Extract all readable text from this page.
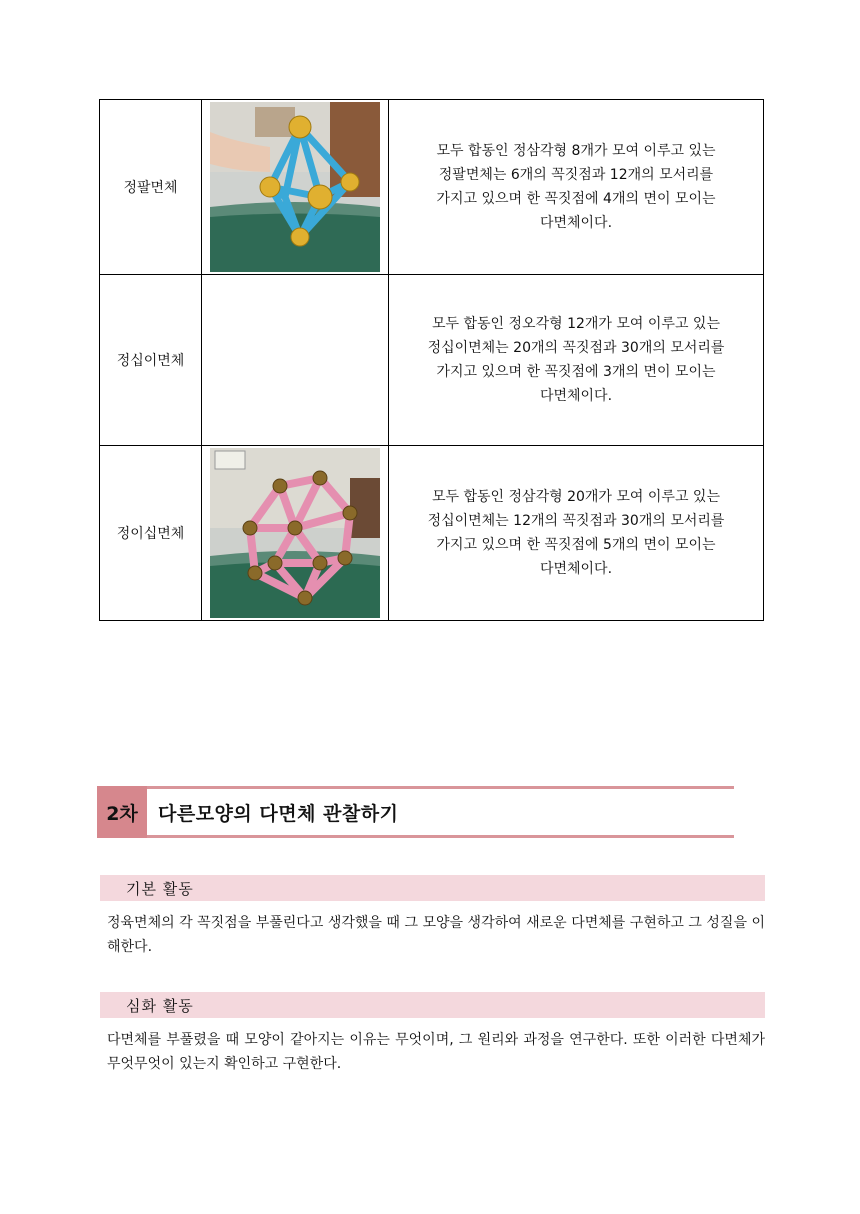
정팔면체		모두 합동인 정삼각형 8개가 모여 이루고 있는
정팔면체는 6개의 꼭짓점과 12개의 모서리를
가지고 있으며 한 꼭짓점에 4개의 면이 모이는
다면체이다.

정십이면체		모두 합동인 정오각형 12개가 모여 이루고 있는
정십이면체는 20개의 꼭짓점과 30개의 모서리를
가지고 있으며 한 꼭짓점에 3개의 면이 모이는
다면체이다.

정이십면체		모두 합동인 정삼각형 20개가 모여 이루고 있는
정십이면체는 12개의 꼭짓점과 30개의 모서리를
가지고 있으며 한 꼭짓점에 5개의 면이 모이는
다면체이다.
2차	다른모양의 다면체 관찰하기
기본 활동
정육면체의 각 꼭짓점을 부풀린다고 생각했을 때 그 모양을 생각하여 새로운 다면체를 구현하고 그 성질을 이해한다.
심화 활동
다면체를 부풀렸을 때 모양이 같아지는 이유는 무엇이며, 그 원리와 과정을 연구한다. 또한 이러한 다면체가 무엇무엇이 있는지 확인하고 구현한다.
